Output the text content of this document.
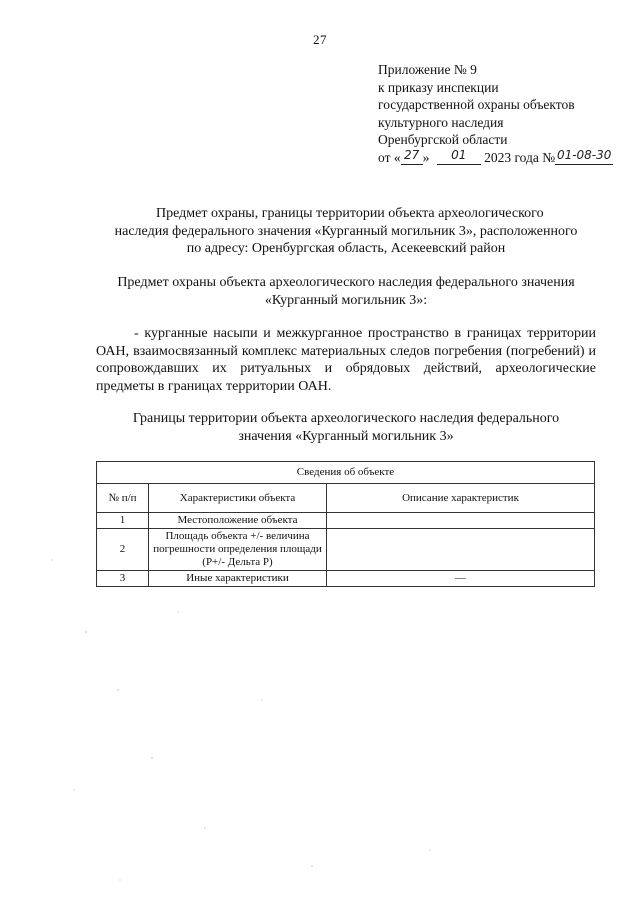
27
Приложение № 9
к приказу инспекции
государственной охраны объектов
культурного наследия
Оренбургской области
от « 27 » 01 2023 года № 01-08-30
Предмет охраны, границы территории объекта археологического
наследия федерального значения «Курганный могильник 3», расположенного
по адресу: Оренбургская область, Асекеевский район
Предмет охраны объекта археологического наследия федерального значения
«Курганный могильник 3»:
- курганные насыпи и межкурганное пространство в границах территории ОАН, взаимосвязанный комплекс материальных следов погребения (погребений) и сопровождавших их ритуальных и обрядовых действий, археологические предметы в границах территории ОАН.
Границы территории объекта археологического наследия федерального
значения «Курганный могильник 3»
Сведения об объекте		
№ п/п	Характеристики объекта	Описание характеристик
1	Местоположение объекта	
2	Площадь объекта +/- величина погрешности определения площади (Р+/- Дельта Р)	
3	Иные характеристики	—
